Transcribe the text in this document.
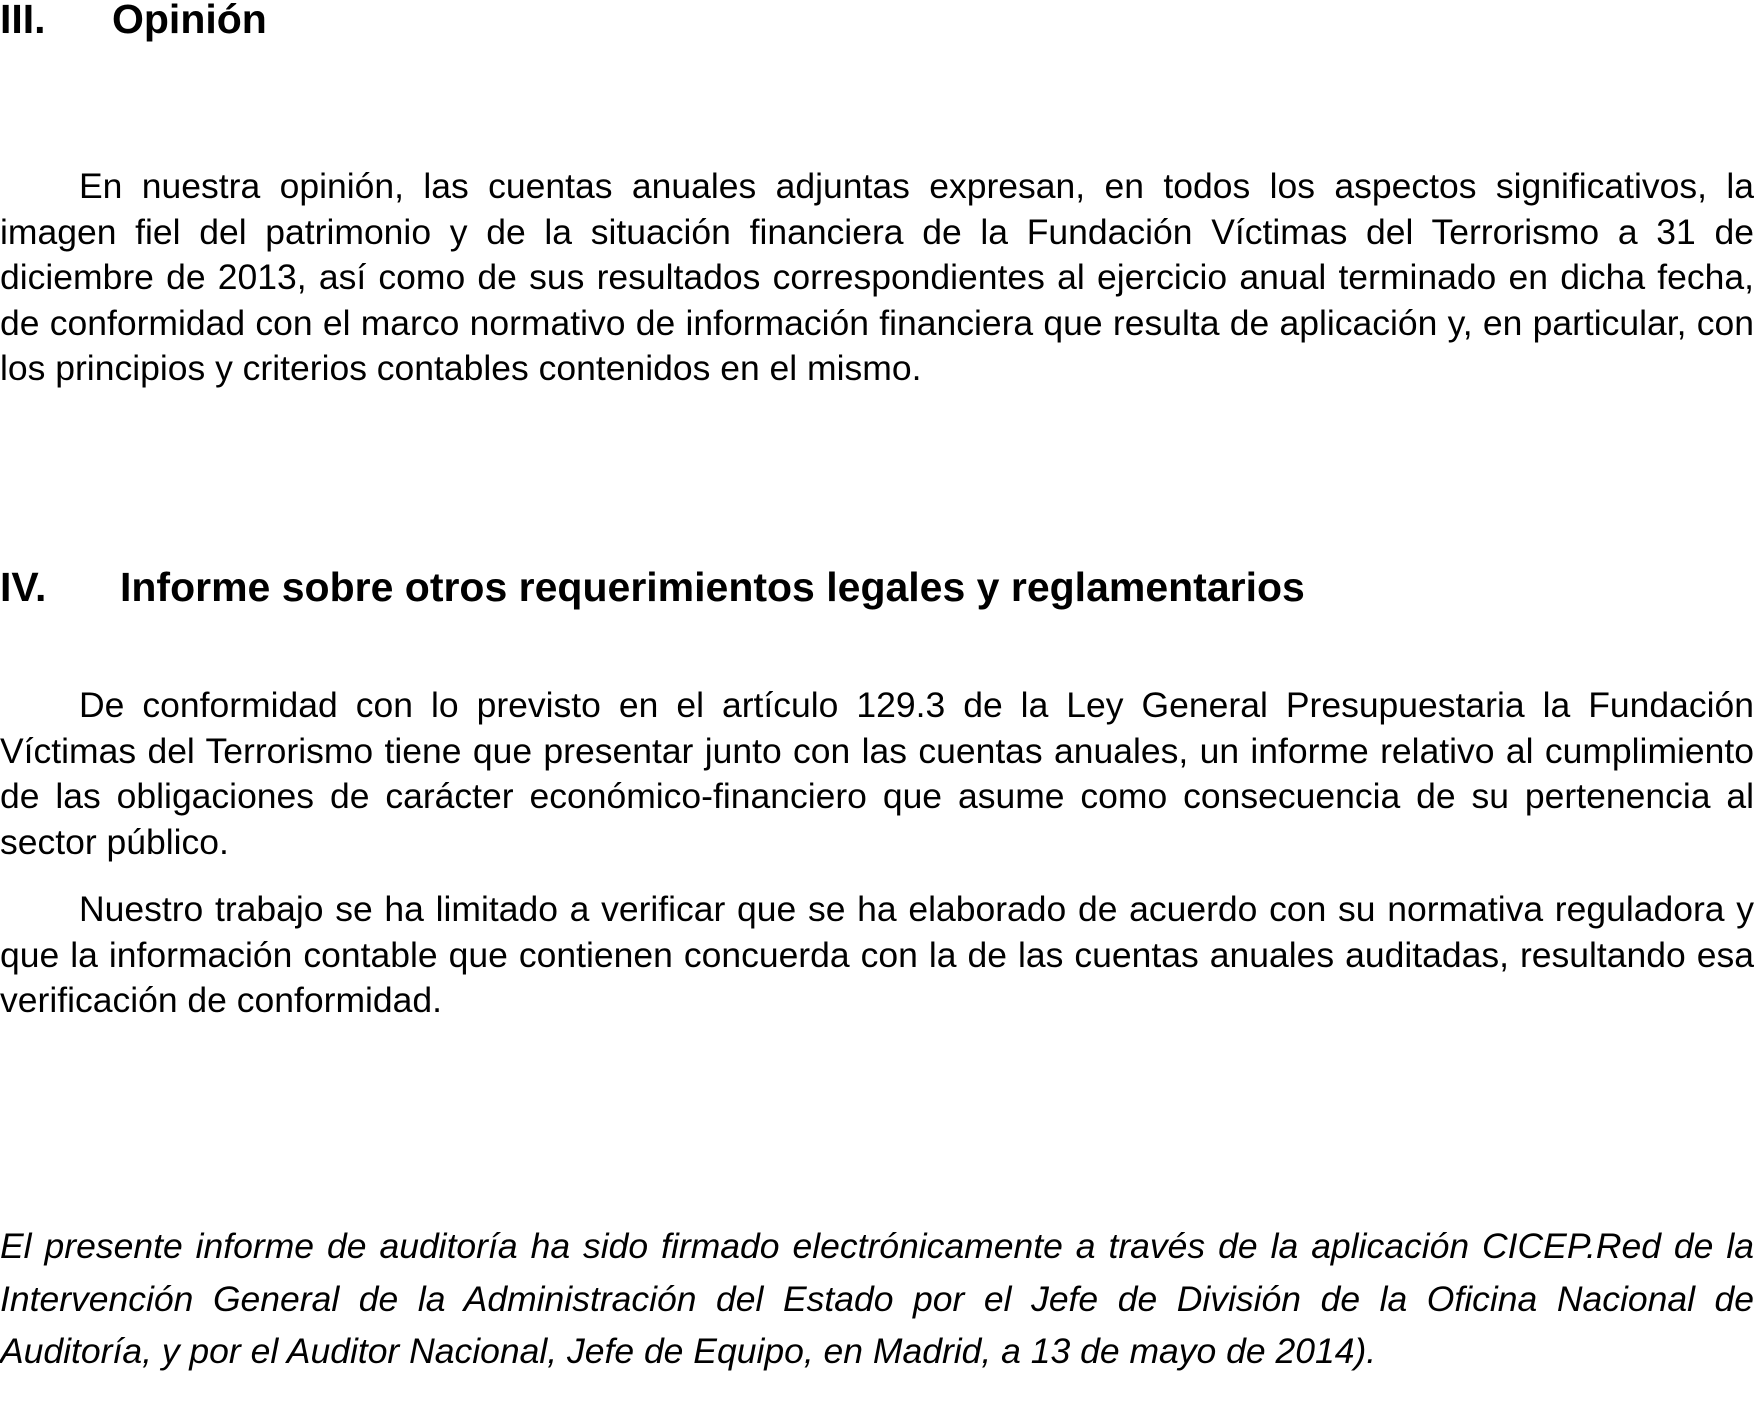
III. Opinión

En nuestra opinión, las cuentas anuales adjuntas expresan, en todos los aspectos significativos, la imagen fiel del patrimonio y de la situación financiera de la Fundación Víctimas del Terrorismo a 31 de diciembre de 2013, así como de sus resultados correspondientes al ejercicio anual terminado en dicha fecha, de conformidad con el marco normativo de información financiera que resulta de aplicación y, en particular, con los principios y criterios contables contenidos en el mismo.

IV. Informe sobre otros requerimientos legales y reglamentarios

De conformidad con lo previsto en el artículo 129.3 de la Ley General Presupuestaria la Fundación Víctimas del Terrorismo tiene que presentar junto con las cuentas anuales, un informe relativo al cumplimiento de las obligaciones de carácter económico-financiero que asume como consecuencia de su pertenencia al sector público.

Nuestro trabajo se ha limitado a verificar que se ha elaborado de acuerdo con su normativa reguladora y que la información contable que contienen concuerda con la de las cuentas anuales auditadas, resultando esa verificación de conformidad.

El presente informe de auditoría ha sido firmado electrónicamente a través de la aplicación CICEP.Red de la Intervención General de la Administración del Estado por el Jefe de División de la Oficina Nacional de Auditoría, y por el Auditor Nacional, Jefe de Equipo, en Madrid, a 13 de mayo de 2014).
